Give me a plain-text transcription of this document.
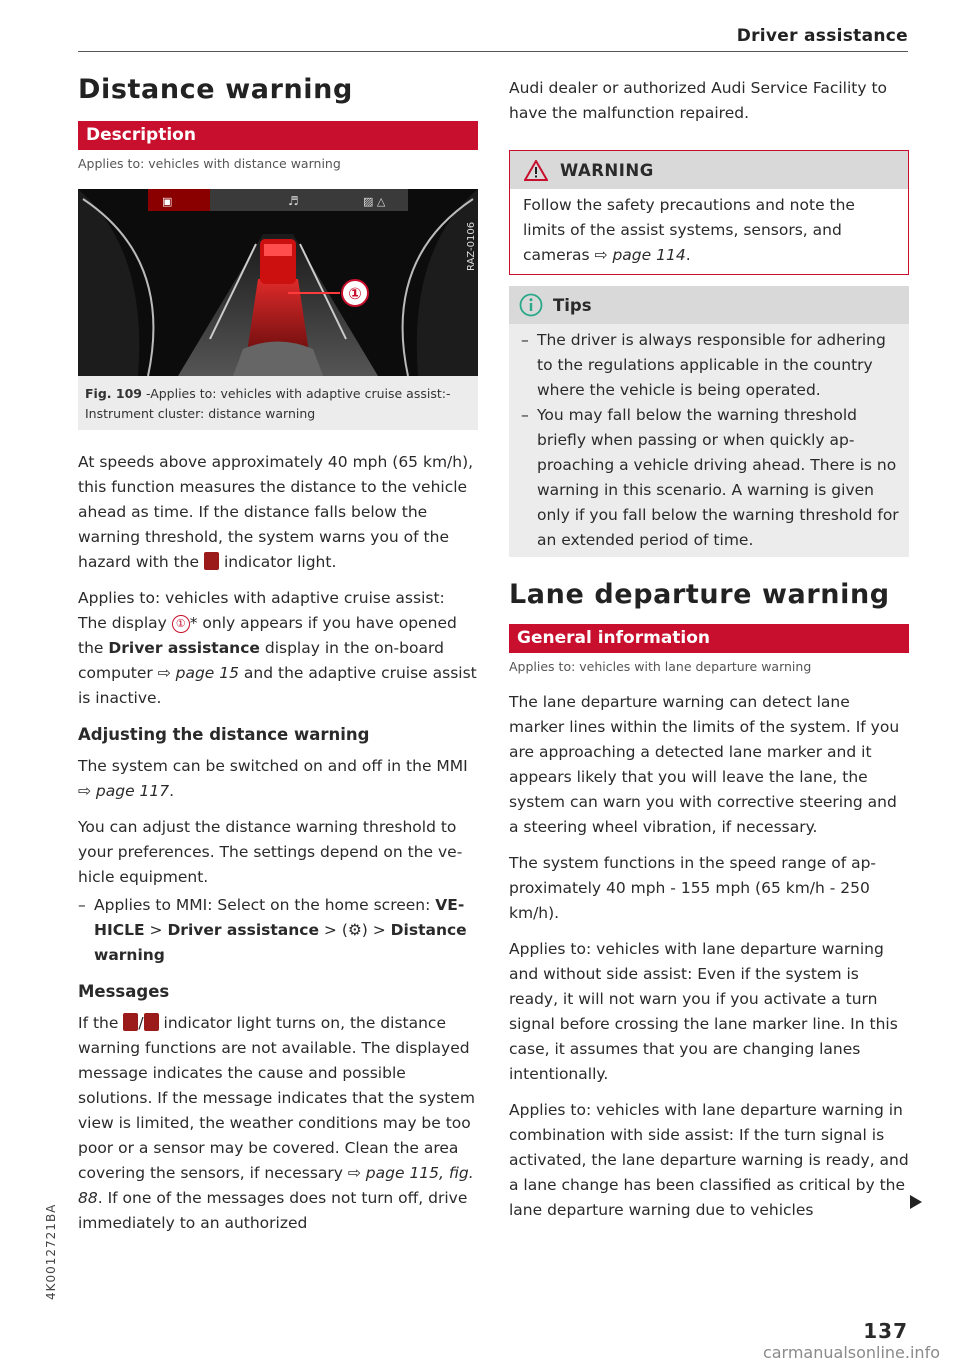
Driver assistance
Distance warning
Description
Applies to: vehicles with distance warning
①
▣	♬	▨ △
RAZ-0106
Fig. 109 -Applies to: vehicles with adaptive cruise assist:- Instrument cluster: distance warning

At speeds above approximately 40 mph (65 km/h), this function measures the distance to the vehicle ahead as time. If the distance falls below the warning threshold, the system warns you of the hazard with the indicator light.

Applies to: vehicles with adaptive cruise assist: The display ① * only appears if you have opened the Driver assistance display in the on-board computer ⇨ page 15 and the adaptive cruise assist is inactive.

Adjusting the distance warning

The system can be switched on and off in the MMI ⇨ page 117.

You can adjust the distance warning threshold to your preferences. The settings depend on the vehicle equipment.

– Applies to MMI: Select on the home screen: VEHICLE > Driver assistance > (⚙) > Distance warning
Messages

If the / indicator light turns on, the distance warning functions are not available. The displayed message indicates the cause and possible solutions. If the message indicates that the system view is limited, the weather conditions may be too poor or a sensor may be covered. Clean the area covering the sensors, if necessary ⇨ page 115, fig. 88. If one of the messages does not turn off, drive immediately to an authorized

Audi dealer or authorized Audi Service Facility to have the malfunction repaired.

WARNING
Follow the safety precautions and note the limits of the assist systems, sensors, and cameras ⇨ page 114.
Tips
– The driver is always responsible for adhering to the regulations applicable in the country where the vehicle is being operated.
– You may fall below the warning threshold briefly when passing or when quickly approaching a vehicle driving ahead. There is no warning in this scenario. A warning is given only if you fall below the warning threshold for an extended period of time.
Lane departure warning
General information
Applies to: vehicles with lane departure warning

The lane departure warning can detect lane marker lines within the limits of the system. If you are approaching a detected lane marker and it appears likely that you will leave the lane, the system can warn you with corrective steering and a steering wheel vibration, if necessary.

The system functions in the speed range of approximately 40 mph - 155 mph (65 km/h - 250 km/h).

Applies to: vehicles with lane departure warning and without side assist: Even if the system is ready, it will not warn you if you activate a turn signal before crossing the lane marker line. In this case, it assumes that you are changing lanes intentionally.

Applies to: vehicles with lane departure warning in combination with side assist: If the turn signal is activated, the lane departure warning is ready, and a lane change has been classified as critical by the lane departure warning due to vehicles

137
4K0012721BA
carmanualsonline.info
